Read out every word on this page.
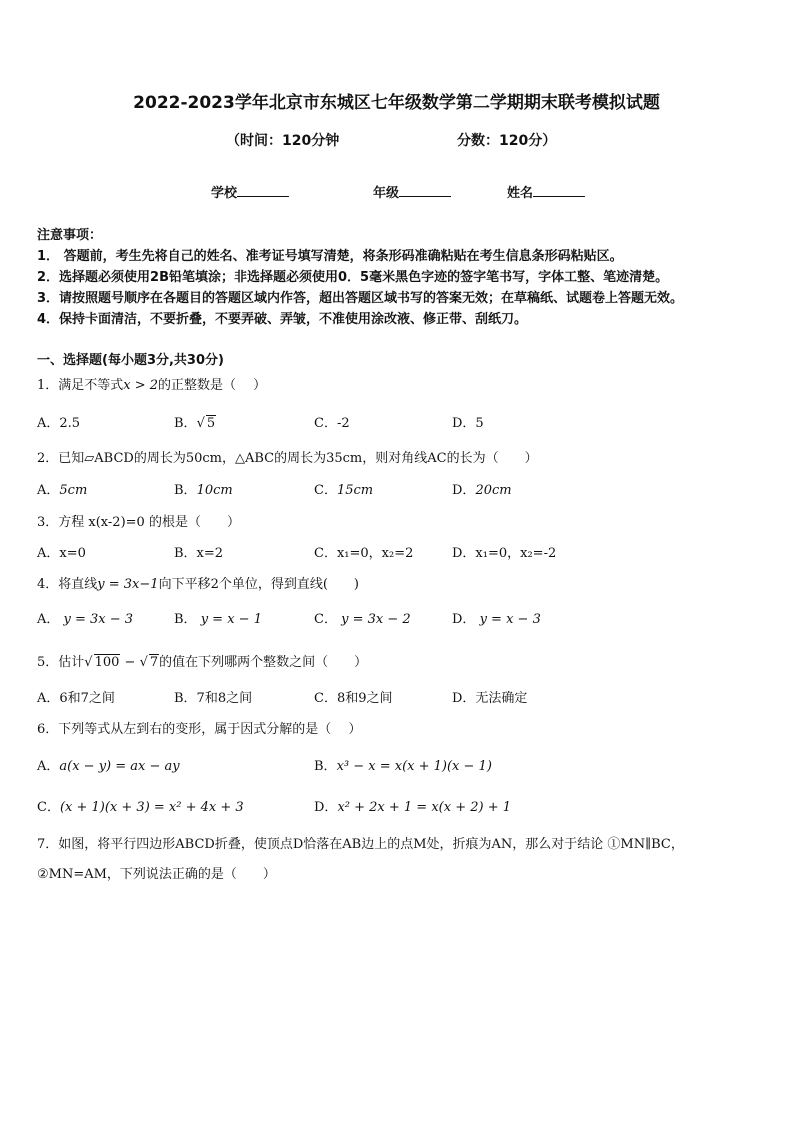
2022-2023学年北京市东城区七年级数学第二学期期末联考模拟试题
（时间：120分钟	分数：120分）
学校	年级	姓名
注意事项：
1． 答题前，考生先将自己的姓名、准考证号填写清楚，将条形码准确粘贴在考生信息条形码粘贴区。
2．选择题必须使用2B铅笔填涂；非选择题必须使用0．5毫米黑色字迹的签字笔书写，字体工整、笔迹清楚。
3．请按照题号顺序在各题目的答题区域内作答，超出答题区域书写的答案无效；在草稿纸、试题卷上答题无效。
4．保持卡面清洁，不要折叠，不要弄破、弄皱，不准使用涂改液、修正带、刮纸刀。
一、选择题(每小题3分,共30分)
1．满足不等式x > 2的正整数是（　 ）
A．2.5	B．√ 5	C．-2	D．5
2．已知▱ABCD的周长为50cm，△ABC的周长为35cm，则对角线AC的长为（　　）
A．5cm	B．10cm	C．15cm	D．20cm
3．方程 x(x-2)=0 的根是（　　）
A．x=0	B．x=2	C．x₁=0，x₂=2	D．x₁=0，x₂=-2
4．将直线y = 3x−1向下平移2个单位，得到直线(　　)
A． y = 3x − 3	B． y = x − 1	C． y = 3x − 2	D． y = x − 3
5．估计√ 100 − √ 7的值在下列哪两个整数之间（　　）
A．6和7之间	B．7和8之间	C．8和9之间	D．无法确定
6．下列等式从左到右的变形，属于因式分解的是（　 ）
A．a(x − y) = ax − ay	B．x³ − x = x(x + 1)(x − 1)
C．(x + 1)(x + 3) = x² + 4x + 3	D．x² + 2x + 1 = x(x + 2) + 1
7．如图，将平行四边形ABCD折叠，使顶点D恰落在AB边上的点M处，折痕为AN，那么对于结论 ①MN∥BC，
②MN=AM，下列说法正确的是（　　）
